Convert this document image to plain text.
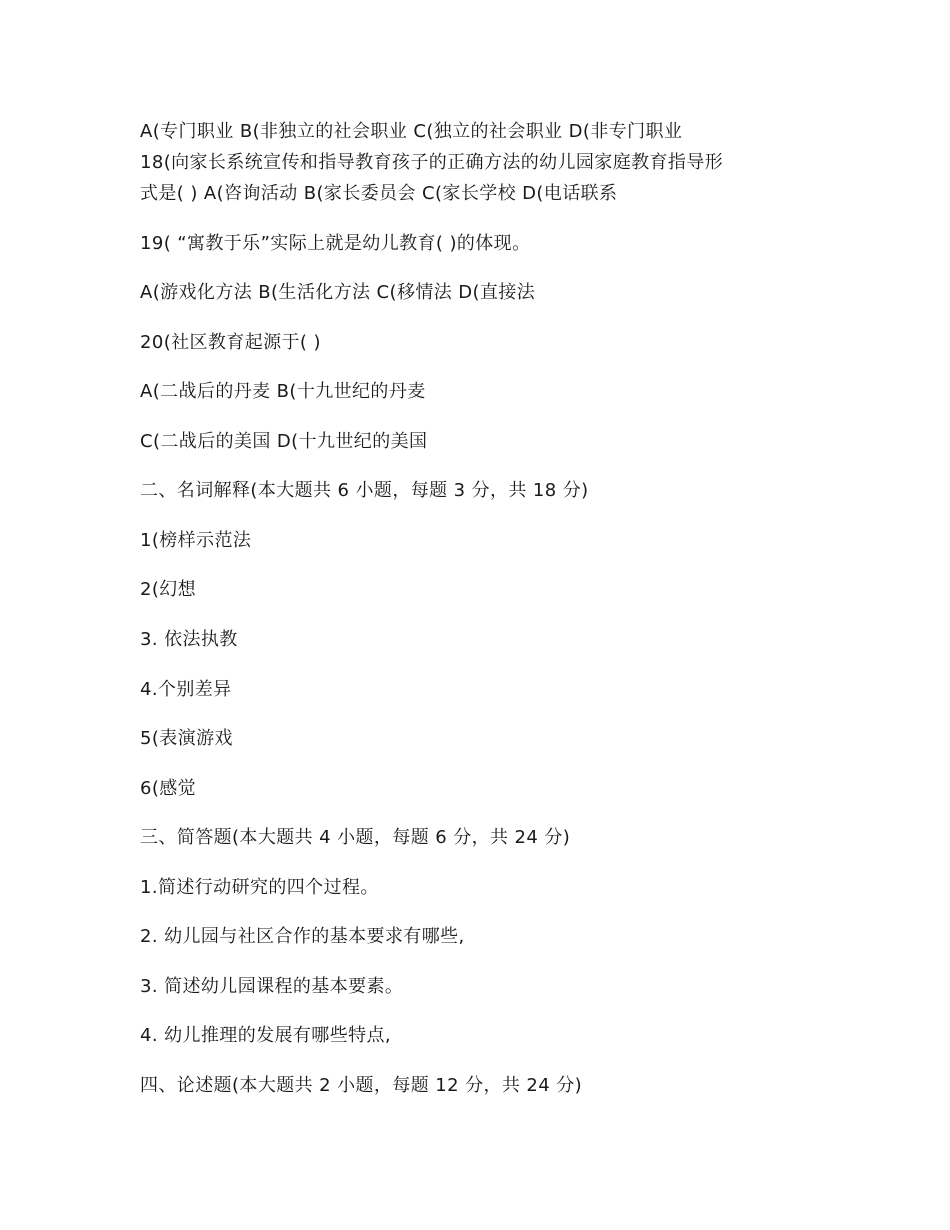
A(专门职业 B(非独立的社会职业 C(独立的社会职业 D(非专门职业
18(向家长系统宣传和指导教育孩子的正确方法的幼儿园家庭教育指导形
式是( ) A(咨询活动 B(家长委员会 C(家长学校 D(电话联系
19( “寓教于乐”实际上就是幼儿教育( )的体现。
A(游戏化方法 B(生活化方法 C(移情法 D(直接法
20(社区教育起源于( )
A(二战后的丹麦 B(十九世纪的丹麦
C(二战后的美国 D(十九世纪的美国
二、名词解释(本大题共 6 小题，每题 3 分，共 18 分)
1(榜样示范法
2(幻想
3. 依法执教
4.个别差异
5(表演游戏
6(感觉
三、简答题(本大题共 4 小题，每题 6 分，共 24 分)
1.简述行动研究的四个过程。
2. 幼儿园与社区合作的基本要求有哪些,
3. 简述幼儿园课程的基本要素。
4. 幼儿推理的发展有哪些特点,
四、论述题(本大题共 2 小题，每题 12 分，共 24 分)
